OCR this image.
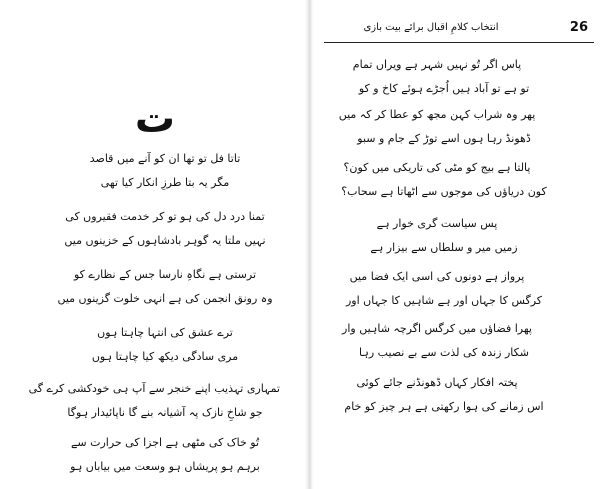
ت
تاتا فل تو تھا ان کو آنے میں قاصد
مگر یہ بتا طرزِ انکار کیا تھی
تمنا درد دل کی ہو تو کر خدمت فقیروں کی
نہیں ملتا یہ گوہر بادشاہوں کے خزینوں میں
ترستی ہے نگاہِ نارسا جس کے نظارے کو
وہ رونق انجمن کی ہے انہی خلوت گزینوں میں
ترے عشق کی انتہا چاہتا ہوں
مری سادگی دیکھ کیا چاہتا ہوں
تمہاری تہذیب اپنے خنجر سے آپ ہی خودکشی کرے گی
جو شاخِ نازک پہ آشیانہ بنے گا ناپائیدار ہوگا
تُو خاک کی مٹھی ہے اجزا کی حرارت سے
برہم ہو پریشاں ہو وسعت میں بیاباں ہو
انتخاب کلامِ اقبال برائے بیت بازی	26
پاس اگر تُو نہیں شہر ہے ویراں تمام
تو ہے تو آباد ہیں اُجڑے ہوئے کاخ و کو
پھر وہ شراب کہن مجھ کو عطا کر کہ میں
ڈھونڈ رہا ہوں اسے توڑ کے جام و سبو
پالتا ہے بیج کو مٹی کی تاریکی میں کون؟
کون دریاؤں کی موجوں سے اٹھاتا ہے سحاب؟
پس سیاست گری خوار ہے
زمیں میر و سلطاں سے بیزار ہے
پرواز ہے دونوں کی اسی ایک فضا میں
کرگس کا جہاں اور ہے شاہیں کا جہاں اور
پھرا فضاؤں میں کرگس اگرچہ شاہیں وار
شکار زندہ کی لذت سے بے نصیب رہا
پختہ افکار کہاں ڈھونڈنے جائے کوئی
اس زمانے کی ہوا رکھتی ہے ہر چیز کو خام
